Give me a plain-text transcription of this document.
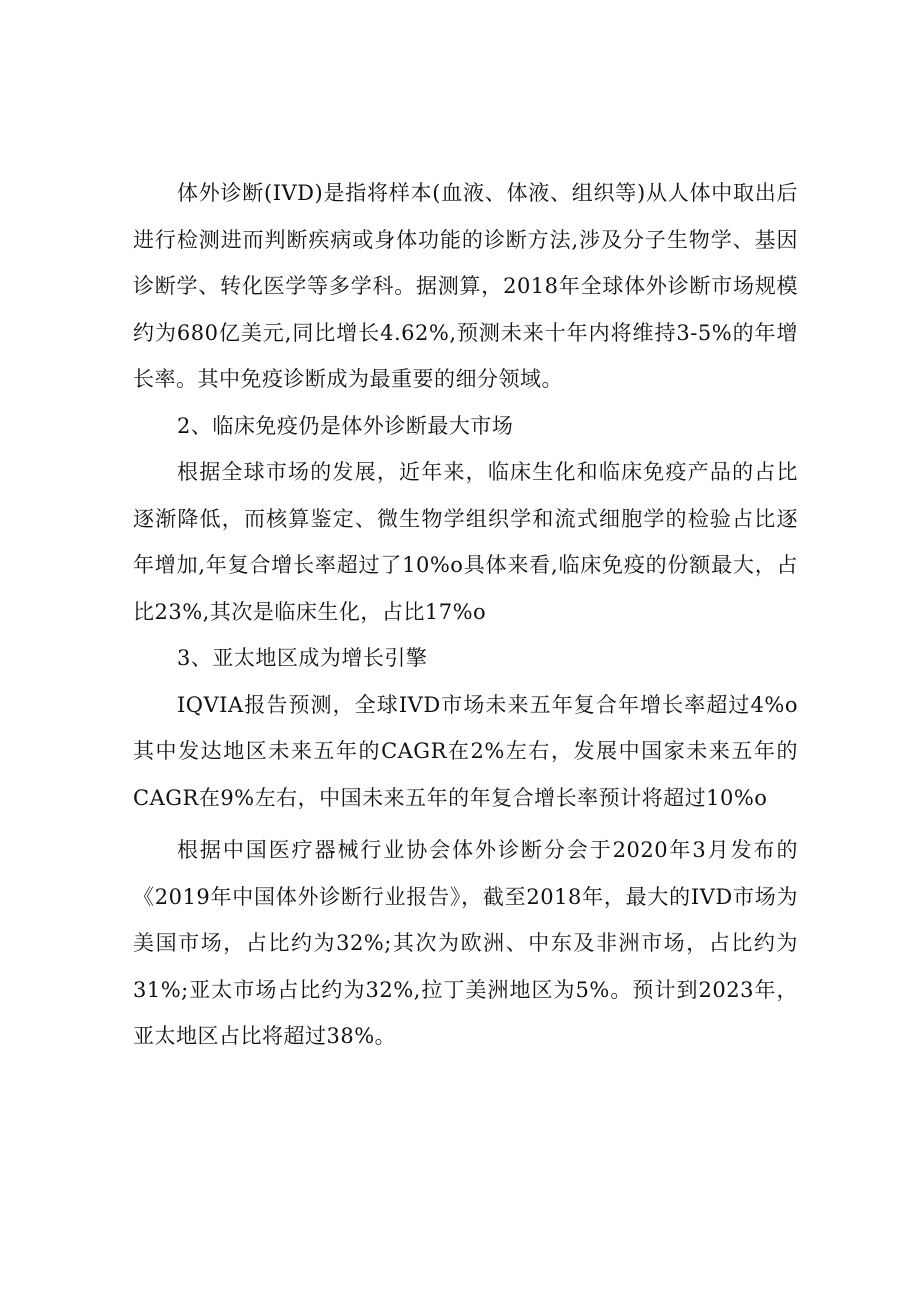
体外诊断(IVD)是指将样本(血液、体液、组织等)从人体中取出后进行检测进而判断疾病或身体功能的诊断方法,涉及分子生物学、基因诊断学、转化医学等多学科。据测算，2018年全球体外诊断市场规模约为680亿美元,同比增长4.62%,预测未来十年内将维持3-5%的年增长率。其中免疫诊断成为最重要的细分领域。

2、临床免疫仍是体外诊断最大市场

根据全球市场的发展，近年来，临床生化和临床免疫产品的占比逐渐降低，而核算鉴定、微生物学组织学和流式细胞学的检验占比逐年增加,年复合增长率超过了10%o具体来看,临床免疫的份额最大，占比23%,其次是临床生化，占比17%o

3、亚太地区成为增长引擎

IQVIA报告预测，全球IVD市场未来五年复合年增长率超过4%o其中发达地区未来五年的CAGR在2%左右，发展中国家未来五年的CAGR在9%左右，中国未来五年的年复合增长率预计将超过10%o

根据中国医疗器械行业协会体外诊断分会于2020年3月发布的《2019年中国体外诊断行业报告》，截至2018年，最大的IVD市场为美国市场，占比约为32%;其次为欧洲、中东及非洲市场，占比约为31%;亚太市场占比约为32%,拉丁美洲地区为5%。预计到2023年，亚太地区占比将超过38%。
